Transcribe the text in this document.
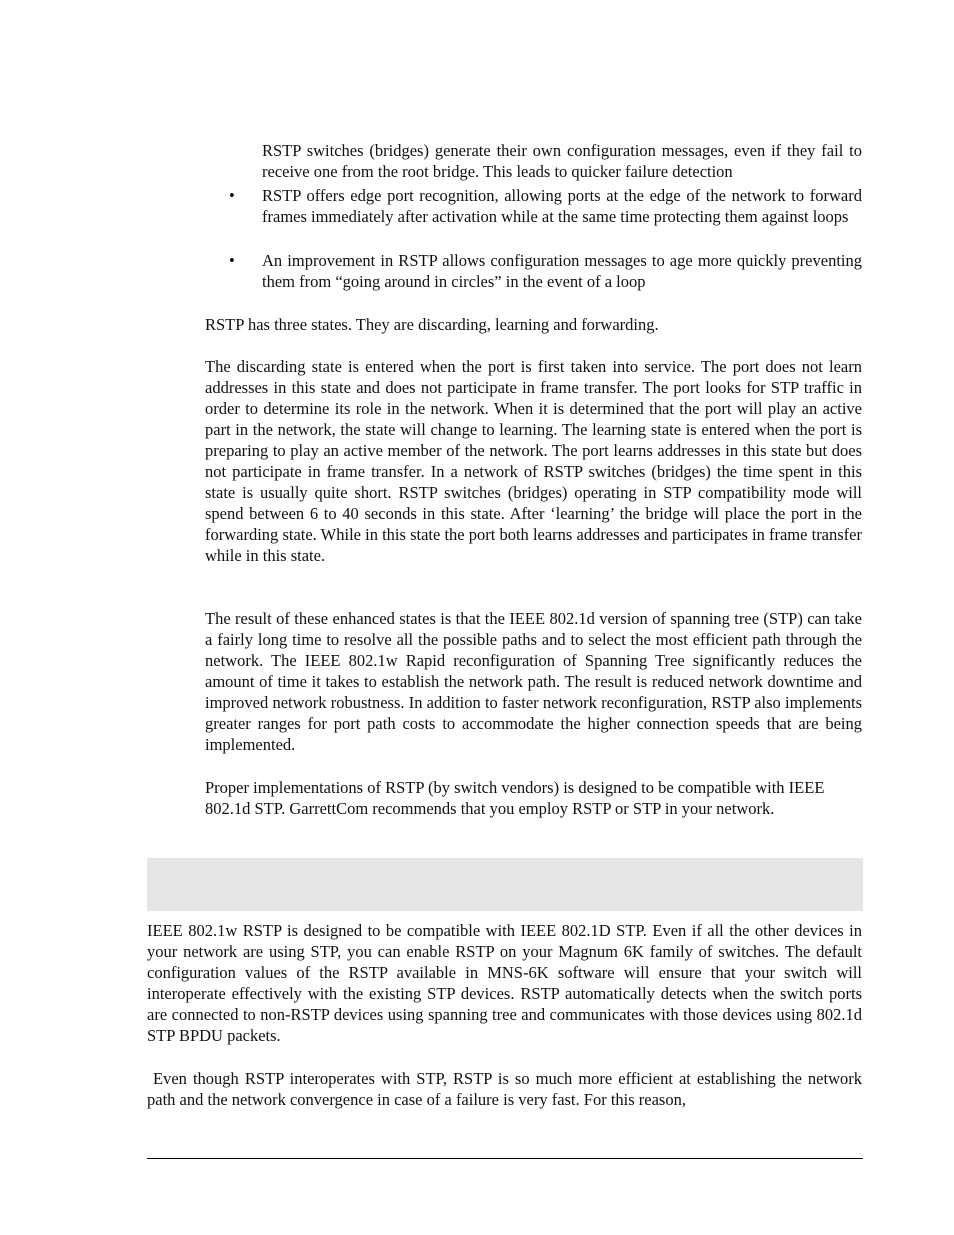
RSTP switches (bridges) generate their own configuration messages, even if they fail to receive one from the root bridge. This leads to quicker failure detection

•	RSTP offers edge port recognition, allowing ports at the edge of the network to forward frames immediately after activation while at the same time protecting them against loops

•	An improvement in RSTP allows configuration messages to age more quickly preventing them from “going around in circles” in the event of a loop

RSTP has three states. They are discarding, learning and forwarding.

The discarding state is entered when the port is first taken into service. The port does not learn addresses in this state and does not participate in frame transfer. The port looks for STP traffic in order to determine its role in the network. When it is determined that the port will play an active part in the network, the state will change to learning. The learning state is entered when the port is preparing to play an active member of the network. The port learns addresses in this state but does not participate in frame transfer. In a network of RSTP switches (bridges) the time spent in this state is usually quite short. RSTP switches (bridges) operating in STP compatibility mode will spend between 6 to 40 seconds in this state. After ‘learning’ the bridge will place the port in the forwarding state. While in this state the port both learns addresses and participates in frame transfer while in this state.

The result of these enhanced states is that the IEEE 802.1d version of spanning tree (STP) can take a fairly long time to resolve all the possible paths and to select the most efficient path through the network. The IEEE 802.1w Rapid reconfiguration of Spanning Tree significantly reduces the amount of time it takes to establish the network path. The result is reduced network downtime and improved network robustness. In addition to faster network reconfiguration, RSTP also implements greater ranges for port path costs to accommodate the higher connection speeds that are being implemented.

Proper implementations of RSTP (by switch vendors) is designed to be compatible with IEEE 802.1d STP. GarrettCom recommends that you employ RSTP or STP in your network.

IEEE 802.1w RSTP is designed to be compatible with IEEE 802.1D STP. Even if all the other devices in your network are using STP, you can enable RSTP on your Magnum 6K family of switches. The default configuration values of the RSTP available in MNS-6K software will ensure that your switch will interoperate effectively with the existing STP devices. RSTP automatically detects when the switch ports are connected to non-RSTP devices using spanning tree and communicates with those devices using 802.1d STP BPDU packets.

Even though RSTP interoperates with STP, RSTP is so much more efficient at establishing the network path and the network convergence in case of a failure is very fast. For this reason,
